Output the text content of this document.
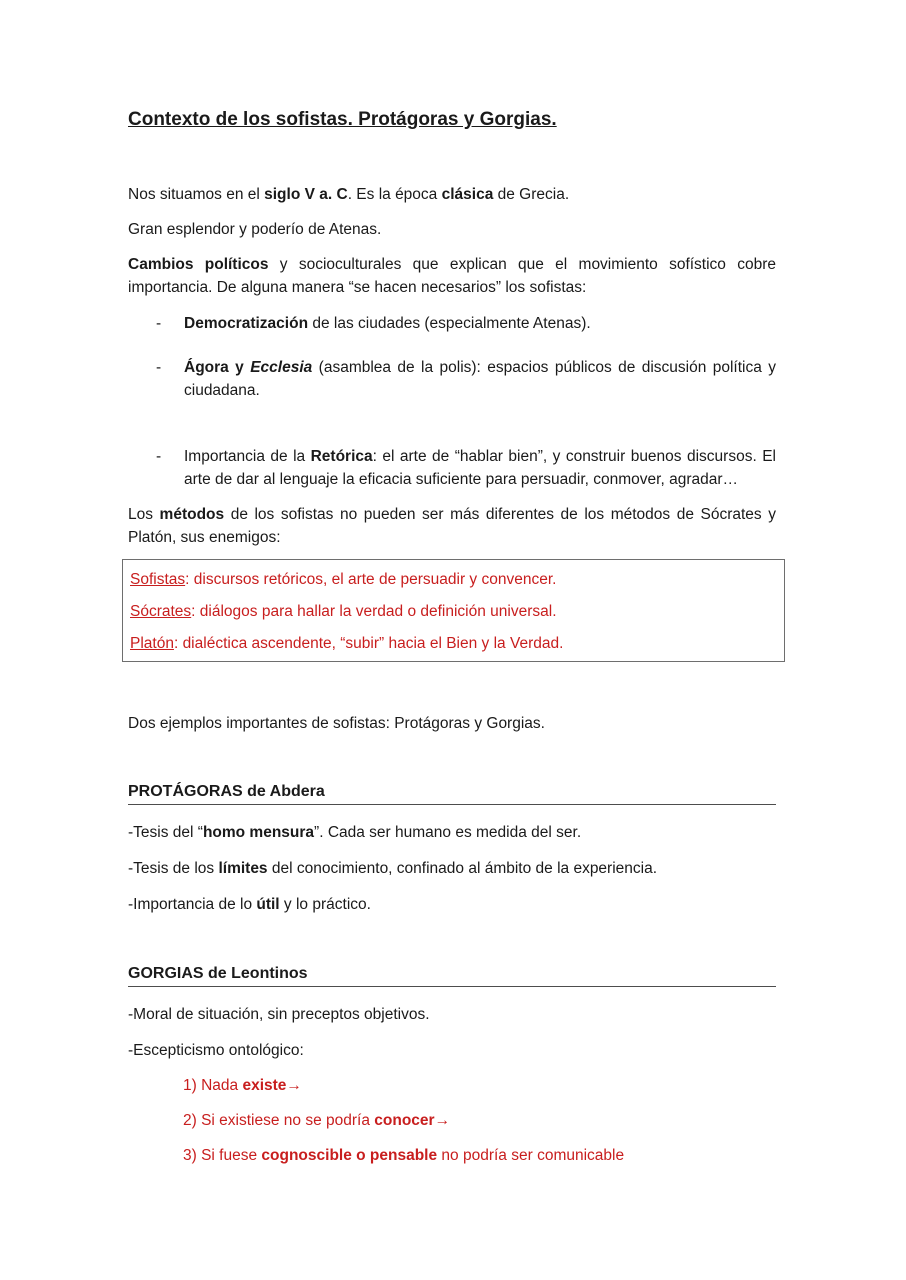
Contexto de los sofistas. Protágoras y Gorgias.

Nos situamos en el siglo V a. C. Es la época clásica de Grecia.

Gran esplendor y poderío de Atenas.

Cambios políticos y socioculturales que explican que el movimiento sofístico cobre importancia. De alguna manera “se hacen necesarios” los sofistas:

- Democratización de las ciudades (especialmente Atenas).
- Ágora y Ecclesia (asamblea de la polis): espacios públicos de discusión política y ciudadana.
- Importancia de la Retórica: el arte de “hablar bien”, y construir buenos discursos. El arte de dar al lenguaje la eficacia suficiente para persuadir, conmover, agradar…

Los métodos de los sofistas no pueden ser más diferentes de los métodos de Sócrates y Platón, sus enemigos:

Sofistas: discursos retóricos, el arte de persuadir y convencer.

Sócrates: diálogos para hallar la verdad o definición universal.

Platón: dialéctica ascendente, “subir” hacia el Bien y la Verdad.

Dos ejemplos importantes de sofistas: Protágoras y Gorgias.

PROTÁGORAS de Abdera

-Tesis del “homo mensura”. Cada ser humano es medida del ser.

-Tesis de los límites del conocimiento, confinado al ámbito de la experiencia.

-Importancia de lo útil y lo práctico.

GORGIAS de Leontinos

-Moral de situación, sin preceptos objetivos.

-Escepticismo ontológico:

1) Nada existe→

2) Si existiese no se podría conocer→

3) Si fuese cognoscible o pensable no podría ser comunicable
